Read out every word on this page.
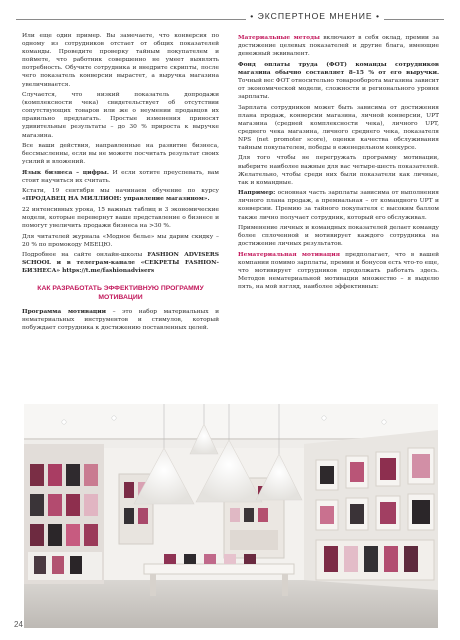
• ЭКСПЕРТНОЕ МНЕНИЕ •

Или еще один пример. Вы замечаете, что конверсия по одному из сотрудников отстает от общих показателей команды. Проведите проверку тайным покупателем и поймете, что работник совершенно не умеет выявлять потребность. Обучите сотрудника и внедрите скрипты, после чего показатель конверсии вырастет, а выручка магазина увеличивается.

Случается, что низкий показатель допродажи (комплексности чека) свидетельствует об отсутствии сопутствующих товаров или же о неумении продавцов их правильно предлагать. Простые изменения приносят удивительные результаты – до 30 % прироста к выручке магазина.

Все ваши действия, направленные на развитие бизнеса, бессмысленны, если вы не можете посчитать результат своих усилий и вложений.

Язык бизнеса – цифры. И если хотите преуспевать, вам стоит научиться их считать.

Кстати, 19 сентября мы начинаем обучение по курсу «ПРОДАВЕЦ НА МИЛЛИОН: управление магазином».

22 интенсивных урока, 15 важных таблиц и 3 экономические модели, которые перевернут ваше представление о бизнесе и помогут увеличить продажи бизнеса на >30 %.

Для читателей журнала «Модное белье» мы дарим скидку – 20 % по промокоду МБЕЦЮ.

Подробнее на сайте онлайн-школы FASHION ADVISERS SCHOOL и в телеграм-канале «СЕКРЕТЫ FASHION-БИЗНЕСА» https://t.me/fashionadvisers

КАК РАЗРАБОТАТЬ ЭФФЕКТИВНУЮ ПРОГРАММУ МОТИВАЦИИ

Программа мотивации – это набор материальных и нематериальных инструментов и стимулов, который побуждает сотрудника к достижению поставленных целей.

Материальные методы включают в себя оклад, премии за достижение целевых показателей и другие блага, имеющие денежный эквивалент.

Фонд оплаты труда (ФОТ) команды сотрудников магазина обычно составляет 8–15 % от его выручки. Точный вес ФОТ относительно товарооборота магазина зависит от экономической модели, сложности и регионального уровня зарплаты.

Зарплата сотрудников может быть зависима от достижения плана продаж, конверсии магазина, личной конверсии, UPT магазина (средней комплексности чека), личного UPT, среднего чека магазина, личного среднего чека, показателя NPS (net promoter score), оценки качества обслуживания тайным покупателем, победы в еженедельном конкурсе.

Для того чтобы не перегружать программу мотивации, выберите наиболее важные для вас четыре-шесть показателей. Желательно, чтобы среди них были показатели как личные, так и командные.

Например: основная часть зарплаты зависима от выполнения личного плана продаж, а премиальная – от командного UPT и конверсии. Премию за тайного покупателя с высоким баллом также лично получает сотрудник, который его обслуживал.

Применение личных и командных показателей делает команду более сплоченной и мотивирует каждого сотрудника на достижение личных результатов.

Нематериальная мотивация предполагает, что в вашей компании помимо зарплаты, премии и бонусов есть что-то еще, что мотивирует сотрудников продолжать работать здесь. Методов нематериальной мотивации множество – я выделю пять, на мой взгляд, наиболее эффективных:

24
